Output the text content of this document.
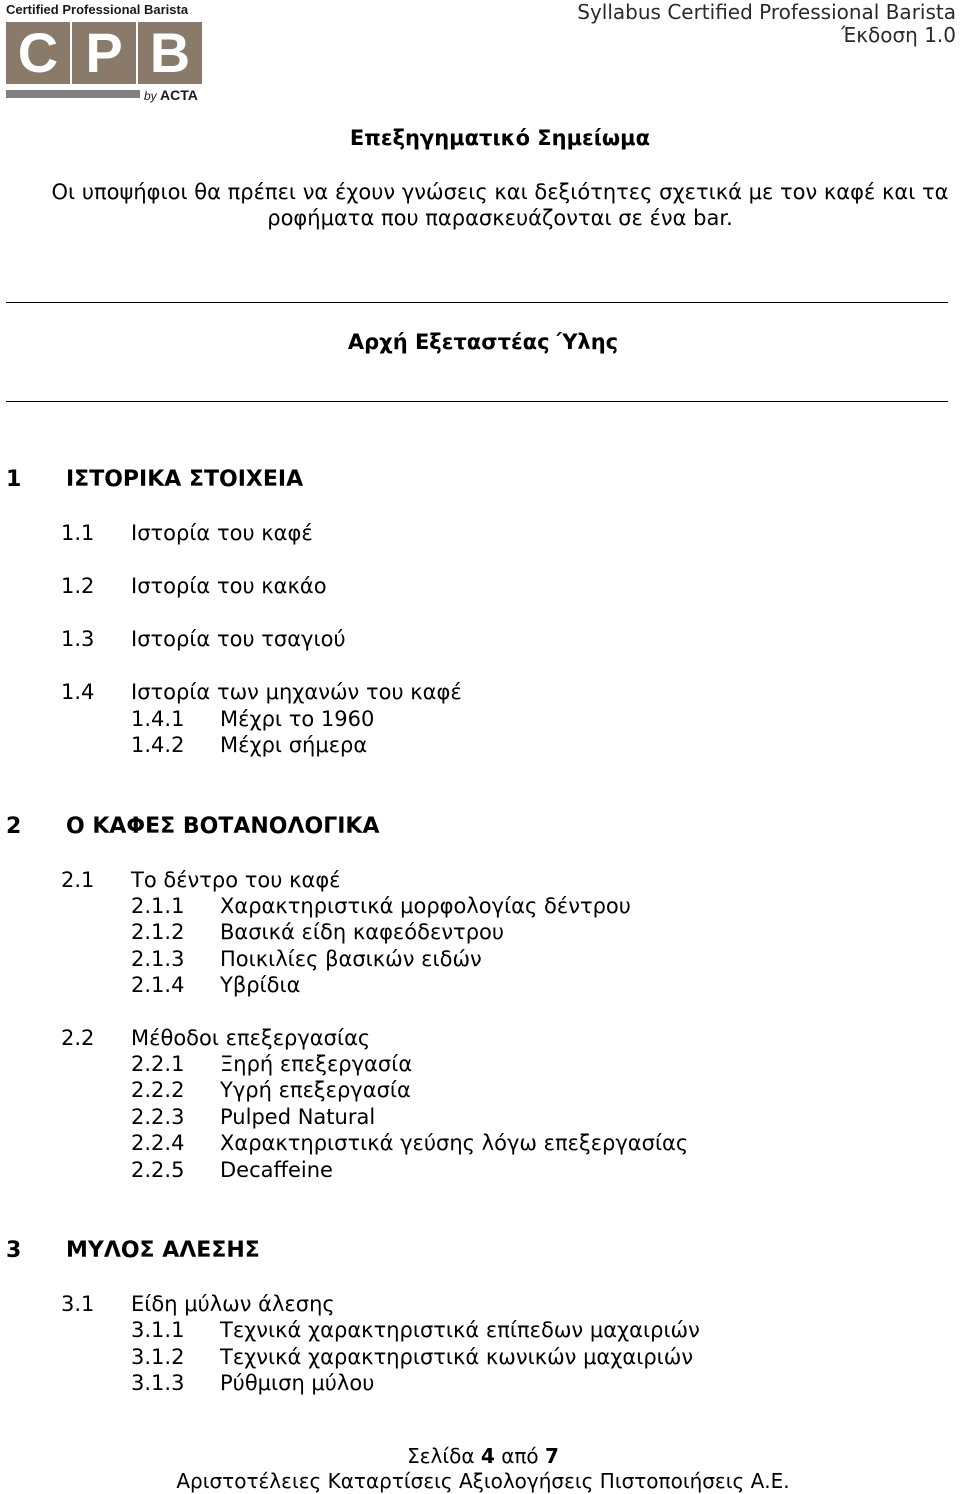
Certified Professional Barista
C P B
by ACTA
Syllabus Certified Professional Barista
Έκδοση 1.0
Επεξηγηματικό Σημείωμα
Οι υποψήφιοι θα πρέπει να έχουν γνώσεις και δεξιότητες σχετικά με τον καφέ και τα
ροφήματα που παρασκευάζονται σε ένα bar.
Αρχή Εξεταστέας Ύλης
1 ΙΣΤΟΡΙΚΑ ΣΤΟΙΧΕΙΑ
1.1 Ιστορία του καφέ
1.2 Ιστορία του κακάο
1.3 Ιστορία του τσαγιού
1.4 Ιστορία των μηχανών του καφέ
1.4.1 Μέχρι το 1960
1.4.2 Μέχρι σήμερα
2 Ο ΚΑΦΕΣ ΒΟΤΑΝΟΛΟΓΙΚΑ
2.1 Το δέντρο του καφέ
2.1.1 Χαρακτηριστικά μορφολογίας δέντρου
2.1.2 Βασικά είδη καφεόδεντρου
2.1.3 Ποικιλίες βασικών ειδών
2.1.4 Υβρίδια
2.2 Μέθοδοι επεξεργασίας
2.2.1 Ξηρή επεξεργασία
2.2.2 Υγρή επεξεργασία
2.2.3 Pulped Natural
2.2.4 Χαρακτηριστικά γεύσης λόγω επεξεργασίας
2.2.5 Decaffeine
3 ΜΥΛΟΣ ΑΛΕΣΗΣ
3.1 Είδη μύλων άλεσης
3.1.1 Τεχνικά χαρακτηριστικά επίπεδων μαχαιριών
3.1.2 Τεχνικά χαρακτηριστικά κωνικών μαχαιριών
3.1.3 Ρύθμιση μύλου
Σελίδα 4 από 7
Αριστοτέλειες Καταρτίσεις Αξιολογήσεις Πιστοποιήσεις Α.Ε.
